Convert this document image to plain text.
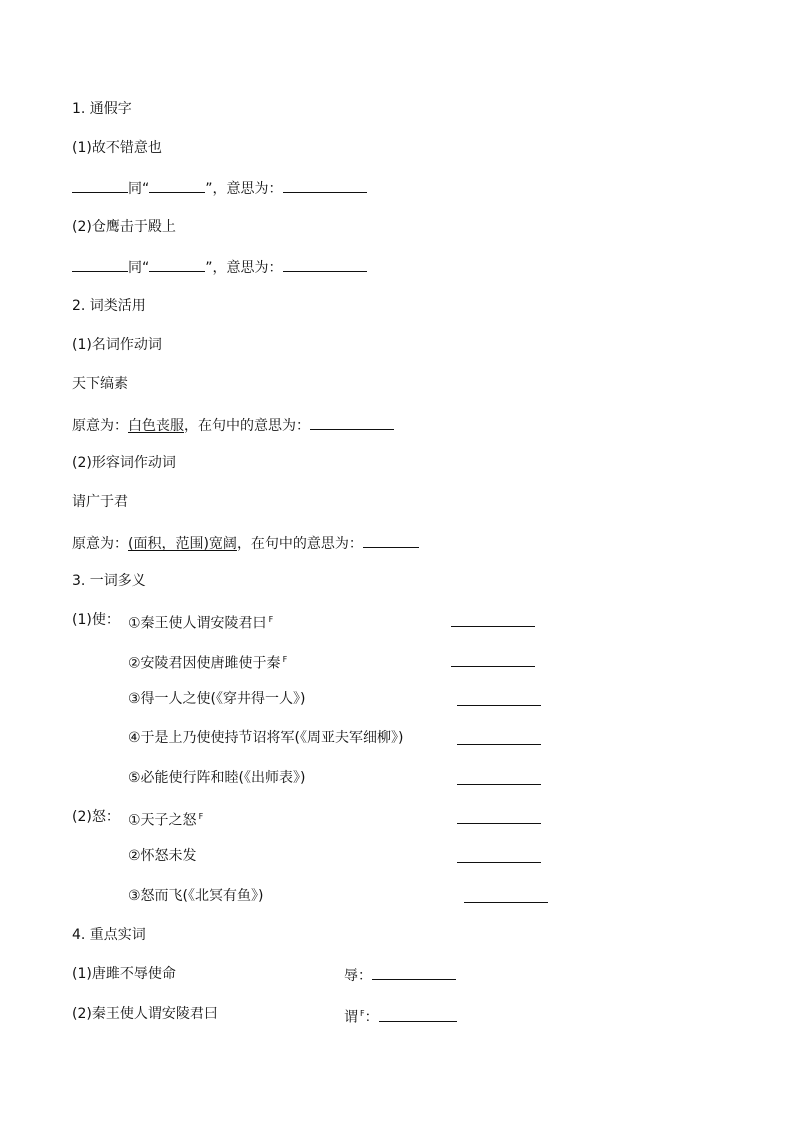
1. 通假字
(1)故不错意也
同“	”，意思为：
(2)仓鹰击于殿上
同“	”，意思为：
2. 词类活用
(1)名词作动词
天下缟素
原意为：白色丧服，在句中的意思为：
(2)形容词作动词
请广于君
原意为：(面积，范围)宽阔，在句中的意思为：
3. 一词多义
(1)使： ①秦王使人谓安陵君曰 $^F$
②安陵君因使唐雎使于秦 $^F$
③得一人之使(《穿井得一人》)
④于是上乃使使持节诏将军(《周亚夫军细柳》)
⑤必能使行阵和睦(《出师表》)
(2)怒： ①天子之怒 $^F$
②怀怒未发
③怒而飞(《北冥有鱼》)
4. 重点实词
(1)唐雎不辱使命	辱：
(2)秦王使人谓安陵君曰	谓 $^F$：
